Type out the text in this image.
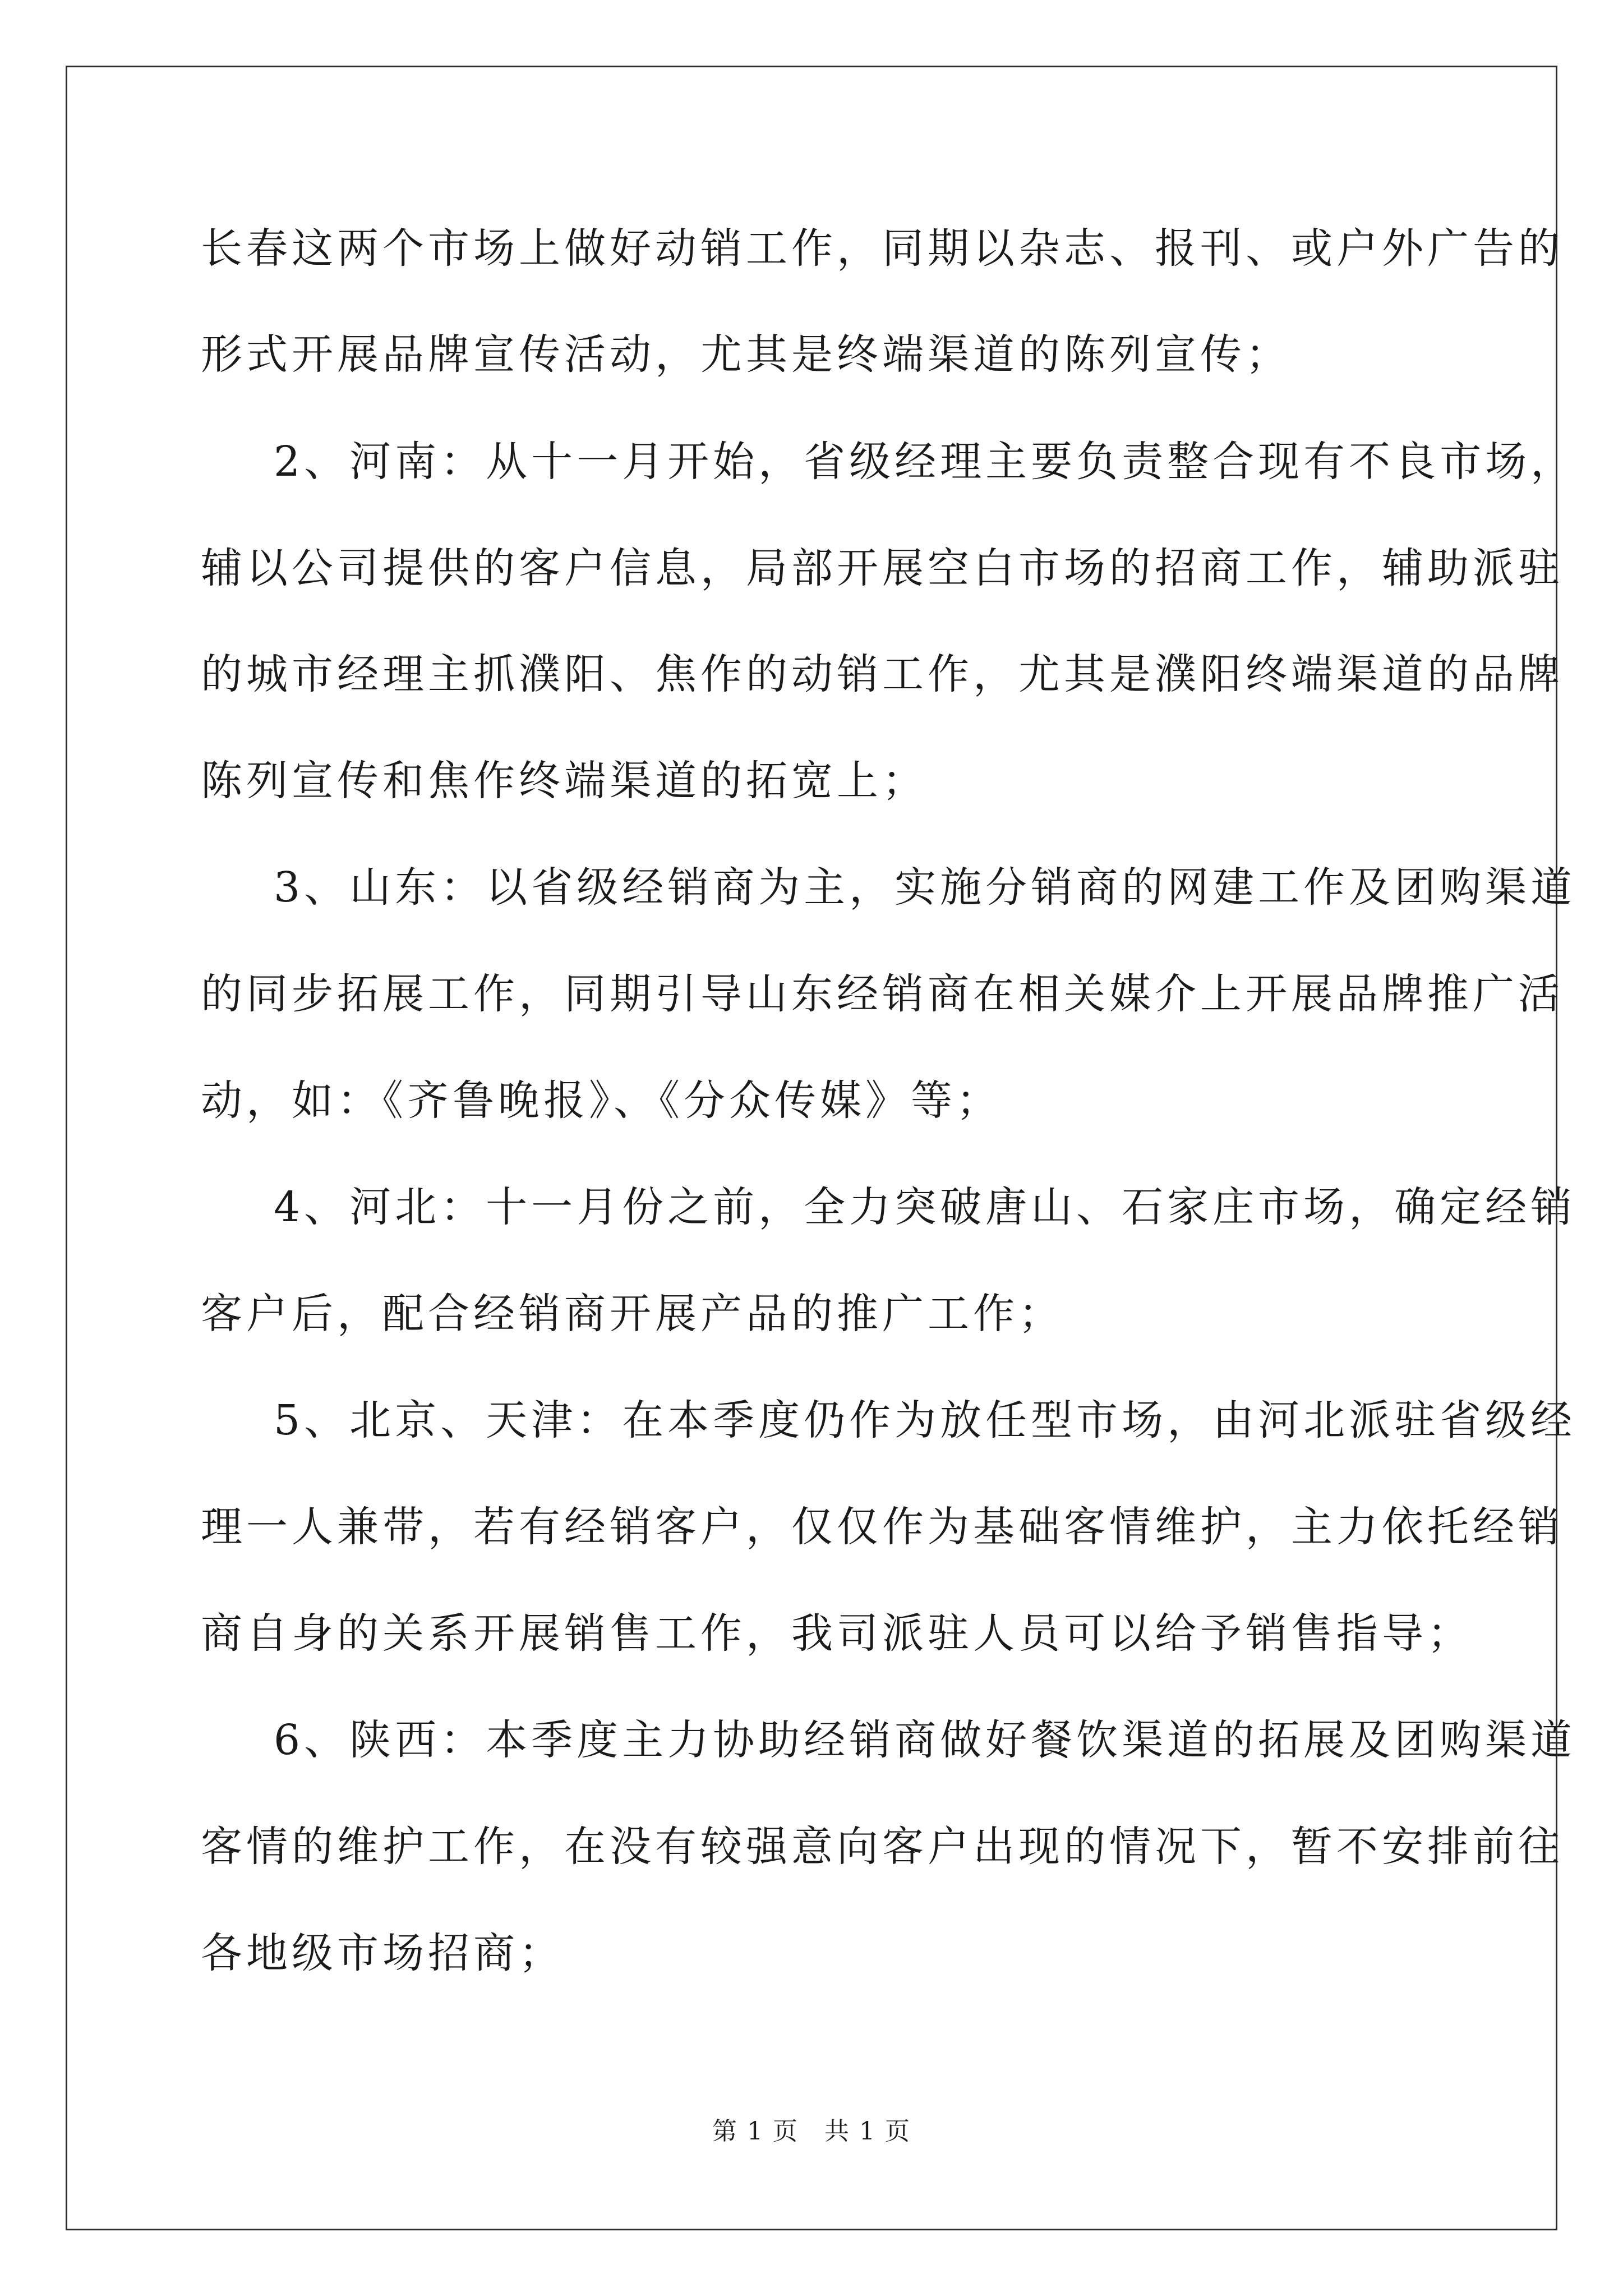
长春这两个市场上做好动销工作，同期以杂志、报刊、或户外广告的
形式开展品牌宣传活动，尤其是终端渠道的陈列宣传；
2、河南：从十一月开始，省级经理主要负责整合现有不良市场，
辅以公司提供的客户信息，局部开展空白市场的招商工作，辅助派驻
的城市经理主抓濮阳、焦作的动销工作，尤其是濮阳终端渠道的品牌
陈列宣传和焦作终端渠道的拓宽上；
3、山东：以省级经销商为主，实施分销商的网建工作及团购渠道
的同步拓展工作，同期引导山东经销商在相关媒介上开展品牌推广活
动，如：《齐鲁晚报》、《分众传媒》等；
4、河北：十一月份之前，全力突破唐山、石家庄市场，确定经销
客户后，配合经销商开展产品的推广工作；
5、北京、天津：在本季度仍作为放任型市场，由河北派驻省级经
理一人兼带，若有经销客户，仅仅作为基础客情维护，主力依托经销
商自身的关系开展销售工作，我司派驻人员可以给予销售指导；
6、陕西：本季度主力协助经销商做好餐饮渠道的拓展及团购渠道
客情的维护工作，在没有较强意向客户出现的情况下，暂不安排前往
各地级市场招商；
第 1 页　共 1 页
